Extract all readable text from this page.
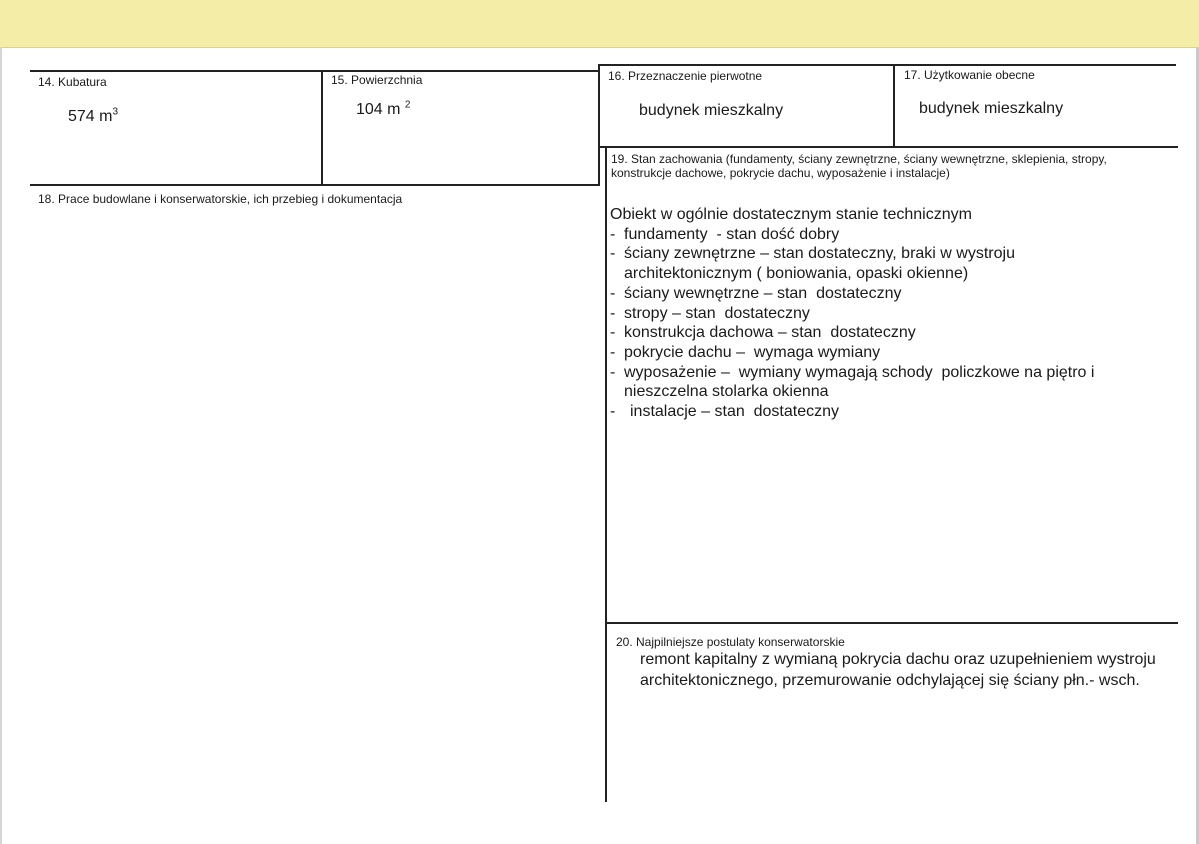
14. Kubatura
574 $m^3$
15. Powierzchnia
104 m $^2$
16. Przeznaczenie pierwotne
budynek mieszkalny
17. Użytkowanie obecne
budynek mieszkalny
18. Prace budowlane i konserwatorskie, ich przebieg i dokumentacja
19. Stan zachowania (fundamenty, ściany zewnętrzne, ściany wewnętrzne, sklepienia, stropy,
konstrukcje dachowe, pokrycie dachu, wyposażenie i instalacje)
Obiekt w ogólnie dostatecznym stanie technicznym
- fundamenty  - stan dość dobry
- ściany zewnętrzne – stan dostateczny, braki w wystroju
architektonicznym ( boniowania, opaski okienne)
- ściany wewnętrzne – stan  dostateczny
- stropy – stan  dostateczny
- konstrukcja dachowa – stan  dostateczny
- pokrycie dachu –  wymaga wymiany
- wyposażenie –  wymiany wymagają schody  policzkowe na piętro i
nieszczelna stolarka okienna
- instalacje – stan  dostateczny
20. Najpilniejsze postulaty konserwatorskie
remont kapitalny z wymianą pokrycia dachu oraz uzupełnieniem wystroju
architektonicznego, przemurowanie odchylającej się ściany płn.- wsch.
